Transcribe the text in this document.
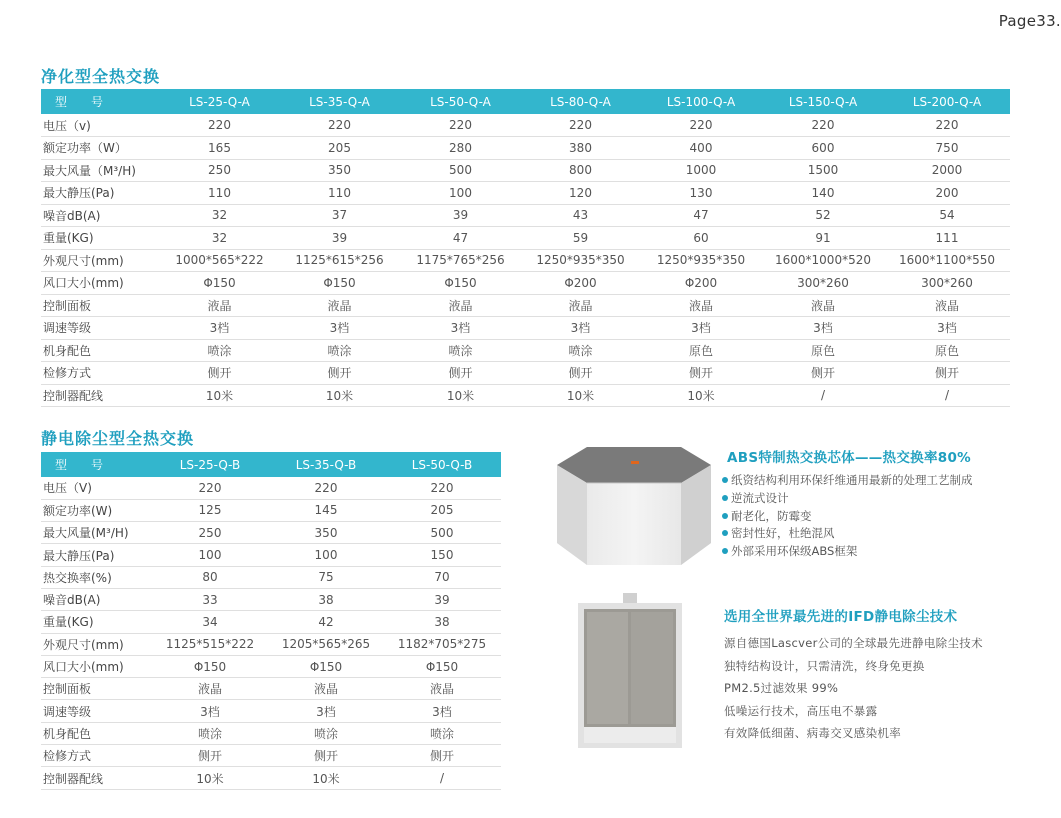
Page33.
净化型全热交换
型　号	LS-25-Q-A	LS-35-Q-A	LS-50-Q-A	LS-80-Q-A	LS-100-Q-A	LS-150-Q-A	LS-200-Q-A
电压（v)	220	220	220	220	220	220	220
额定功率（W）	165	205	280	380	400	600	750
最大风量（M³/H)	250	350	500	800	1000	1500	2000
最大静压(Pa)	110	110	100	120	130	140	200
噪音dB(A)	32	37	39	43	47	52	54
重量(KG)	32	39	47	59	60	91	111
外观尺寸(mm)	1000*565*222	1125*615*256	1175*765*256	1250*935*350	1250*935*350	1600*1000*520	1600*1100*550
风口大小(mm)	Φ150	Φ150	Φ150	Φ200	Φ200	300*260	300*260
控制面板	液晶	液晶	液晶	液晶	液晶	液晶	液晶
调速等级	3档	3档	3档	3档	3档	3档	3档
机身配色	喷涂	喷涂	喷涂	喷涂	原色	原色	原色
检修方式	侧开	侧开	侧开	侧开	侧开	侧开	侧开
控制器配线	10米	10米	10米	10米	10米	/	/
静电除尘型全热交换
型　号	LS-25-Q-B	LS-35-Q-B	LS-50-Q-B
电压（V)	220	220	220
额定功率(W)	125	145	205
最大风量(M³/H)	250	350	500
最大静压(Pa)	100	100	150
热交换率(%)	80	75	70
噪音dB(A)	33	38	39
重量(KG)	34	42	38
外观尺寸(mm)	1125*515*222	1205*565*265	1182*705*275
风口大小(mm)	Φ150	Φ150	Φ150
控制面板	液晶	液晶	液晶
调速等级	3档	3档	3档
机身配色	喷涂	喷涂	喷涂
检修方式	侧开	侧开	侧开
控制器配线	10米	10米	/
ABS特制热交换芯体——热交换率80%
纸资结构利用环保纤维通用最新的处理工艺制成
逆流式设计
耐老化，防霉变
密封性好，杜绝混风
外部采用环保级ABS框架
选用全世界最先进的IFD静电除尘技术
源自德国Lascver公司的全球最先进静电除尘技术
独特结构设计，只需清洗，终身免更换
PM2.5过滤效果 99%
低噪运行技术，高压电不暴露
有效降低细菌、病毒交叉感染机率
